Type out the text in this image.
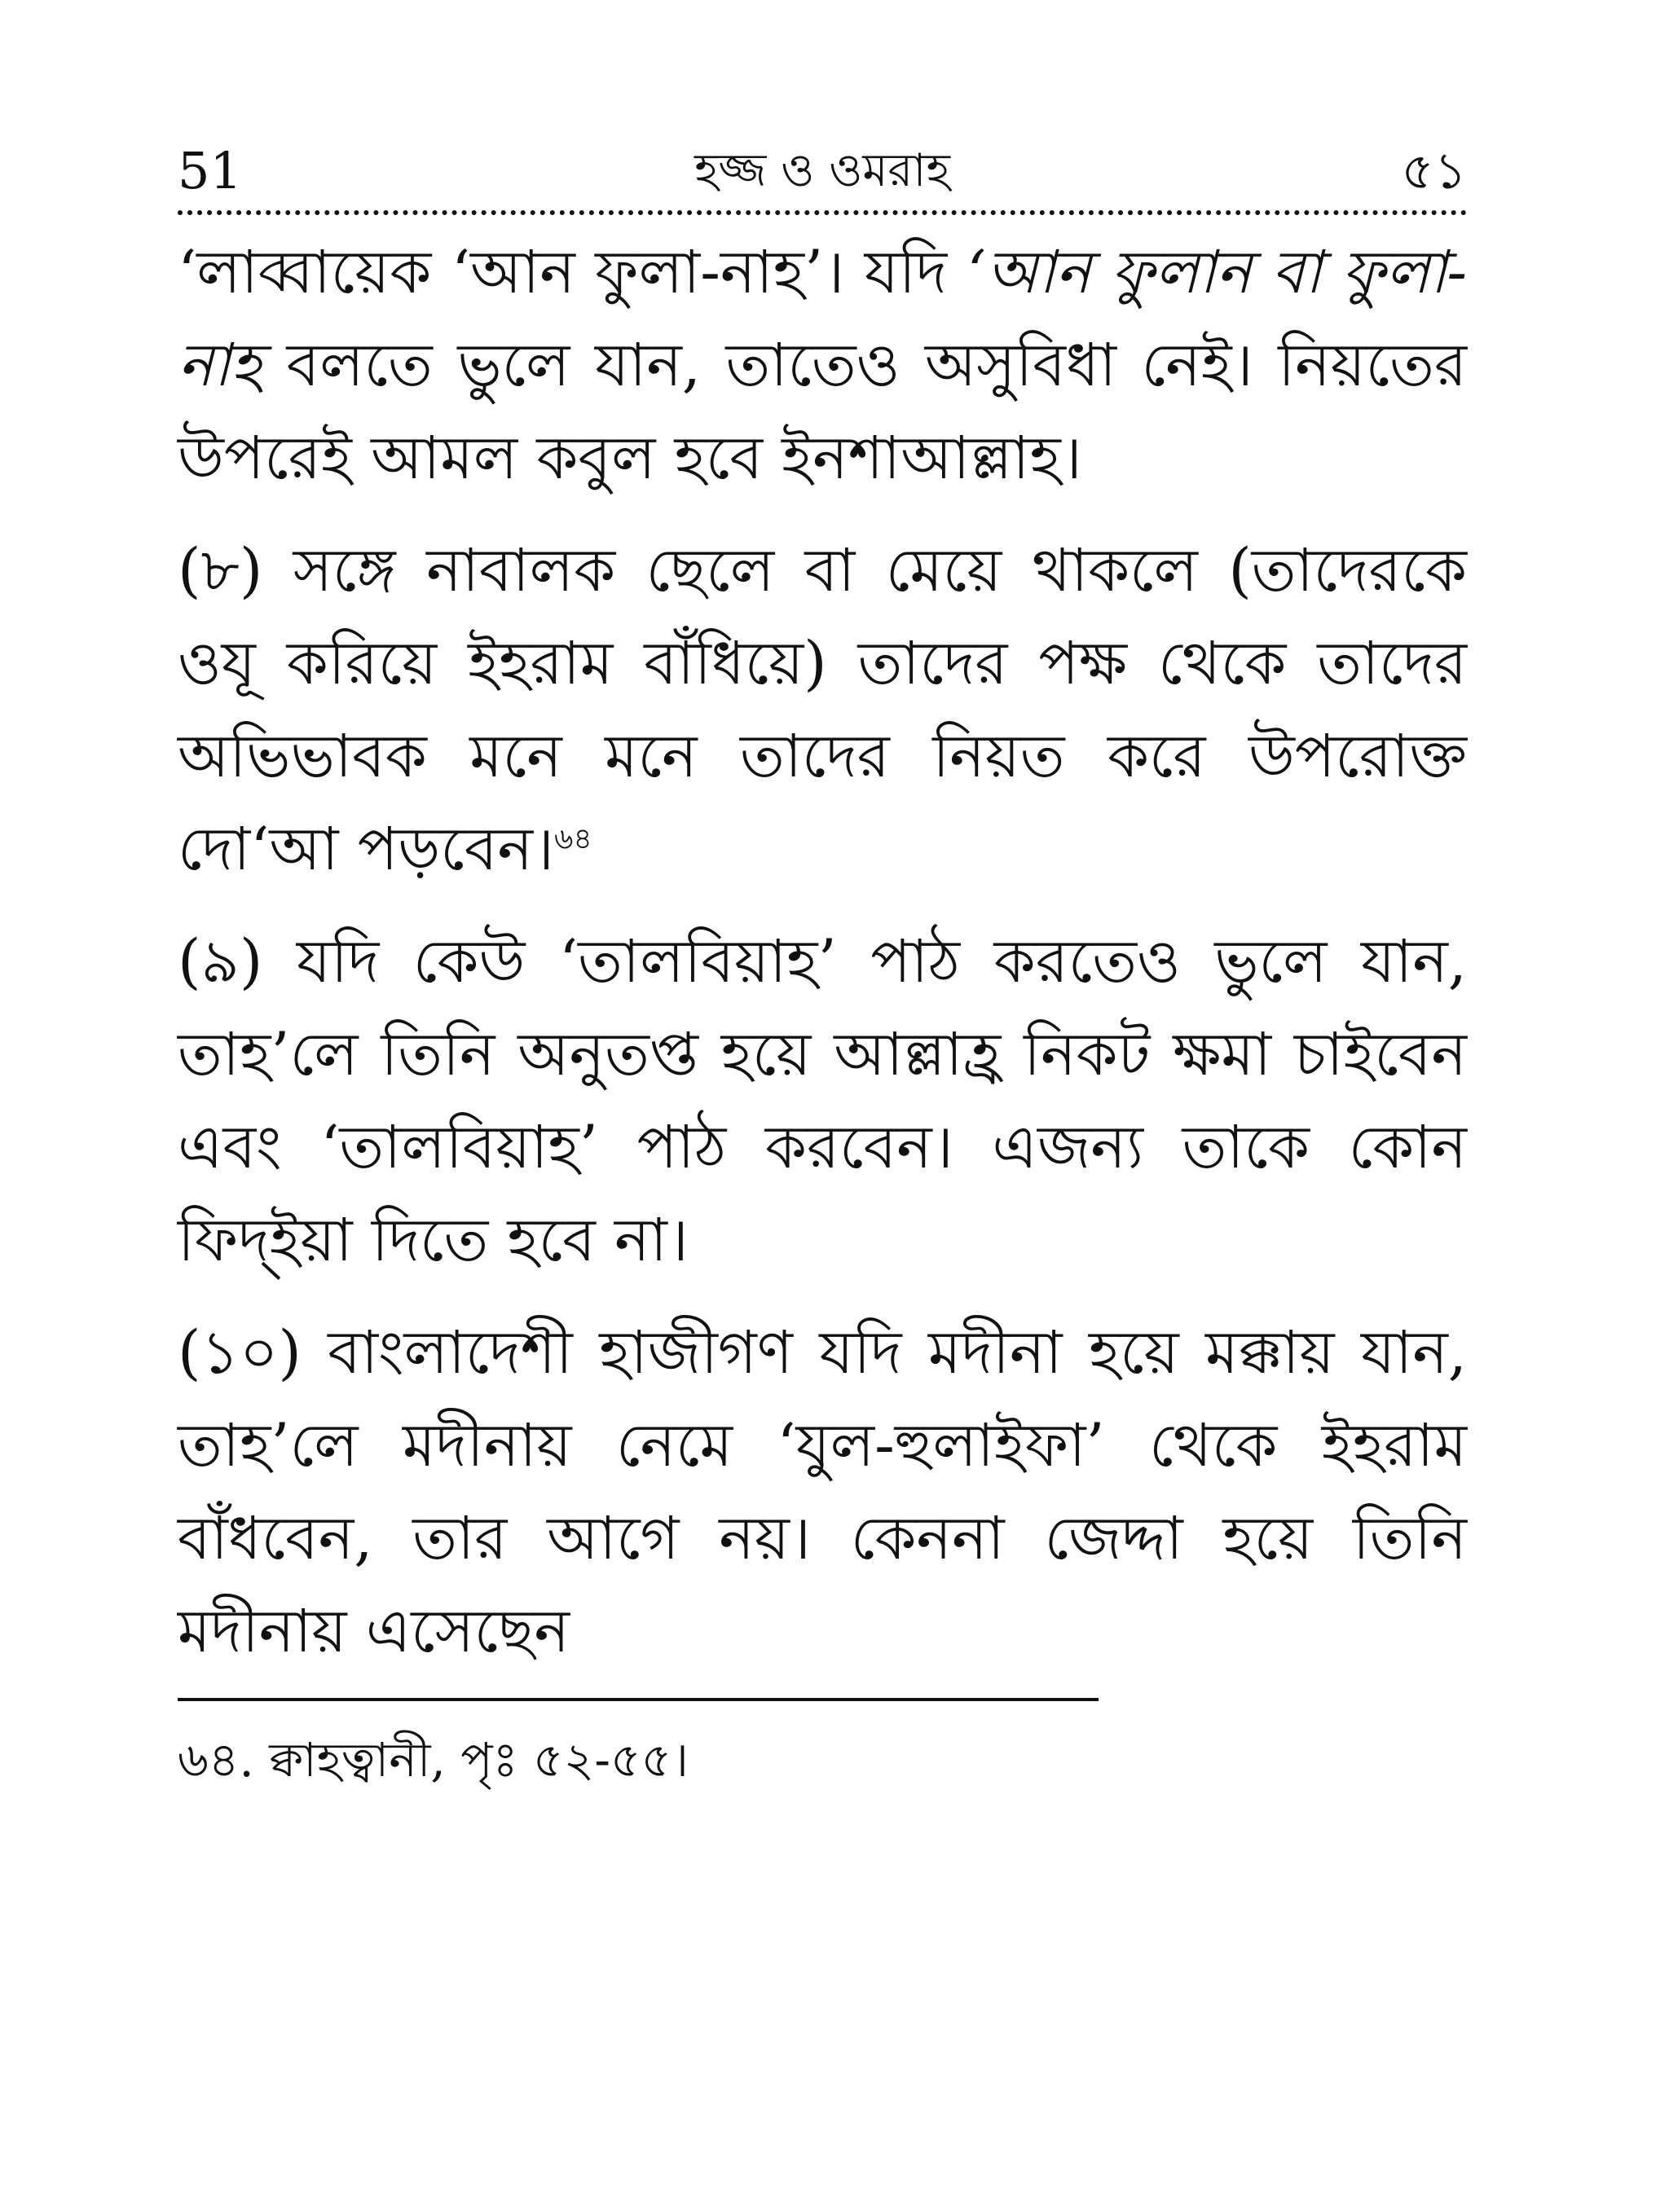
51	হজ্জ ও ওমরাহ	৫১

‘লাব্বায়েক ‘আন ফুলা-নাহ’। যদি ‘আন ফুলান বা ফুলা-নাহ বলতে ভুলে যান, তাতেও অসুবিধা নেই। নিয়তের উপরেই আমল কবুল হবে ইনশাআল্লাহ।

(৮) সঙ্গে নাবালক ছেলে বা মেয়ে থাকলে (তাদেরকে ওযূ করিয়ে ইহরাম বাঁধিয়ে) তাদের পক্ষ থেকে তাদের অভিভাবক মনে মনে তাদের নিয়ত করে উপরোক্ত দো‘আ পড়বেন।$^{৬৪}$

(৯) যদি কেউ ‘তালবিয়াহ’ পাঠ করতেও ভুলে যান, তাহ’লে তিনি অনুতপ্ত হয়ে আল্লাহ্র নিকট ক্ষমা চাইবেন এবং ‘তালবিয়াহ’ পাঠ করবেন। এজন্য তাকে কোন ফিদ্ইয়া দিতে হবে না।

(১০) বাংলাদেশী হাজীগণ যদি মদীনা হয়ে মক্কায় যান, তাহ’লে মদীনায় নেমে ‘যুল-হুলাইফা’ থেকে ইহরাম বাঁধবেন, তার আগে নয়। কেননা জেদ্দা হয়ে তিনি মদীনায় এসেছেন

৬৪. ক্বাহত্বানী, পৃঃ ৫২-৫৫।
